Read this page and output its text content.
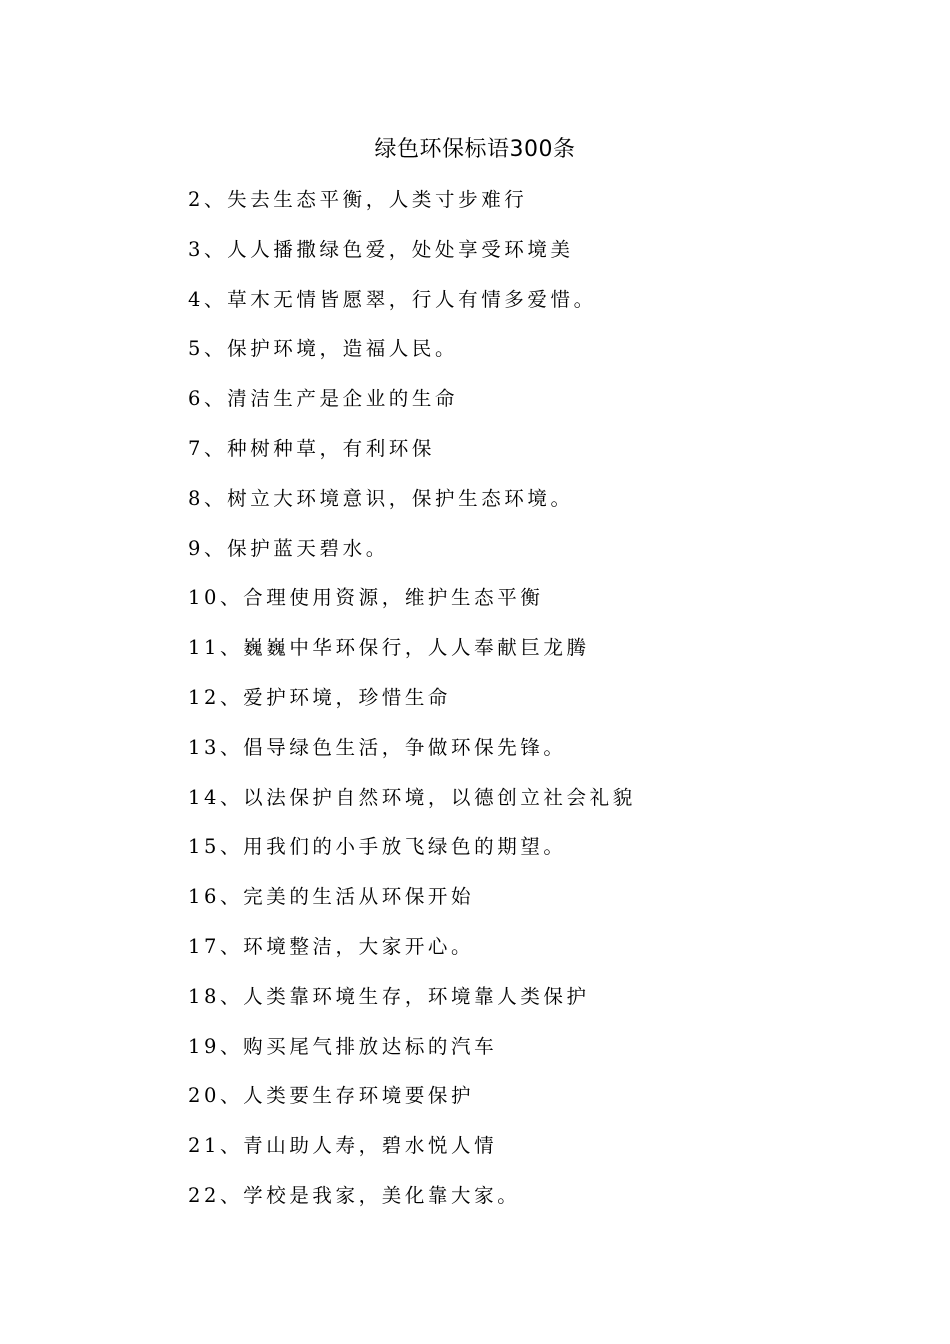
绿色环保标语300条
2、失去生态平衡，人类寸步难行
3、人人播撒绿色爱，处处享受环境美
4、草木无情皆愿翠，行人有情多爱惜。
5、保护环境，造福人民。
6、清洁生产是企业的生命
7、种树种草，有利环保
8、树立大环境意识，保护生态环境。
9、保护蓝天碧水。
10、合理使用资源，维护生态平衡
11、巍巍中华环保行，人人奉献巨龙腾
12、爱护环境，珍惜生命
13、倡导绿色生活，争做环保先锋。
14、以法保护自然环境，以德创立社会礼貌
15、用我们的小手放飞绿色的期望。
16、完美的生活从环保开始
17、环境整洁，大家开心。
18、人类靠环境生存，环境靠人类保护
19、购买尾气排放达标的汽车
20、人类要生存环境要保护
21、青山助人寿，碧水悦人情
22、学校是我家，美化靠大家。
